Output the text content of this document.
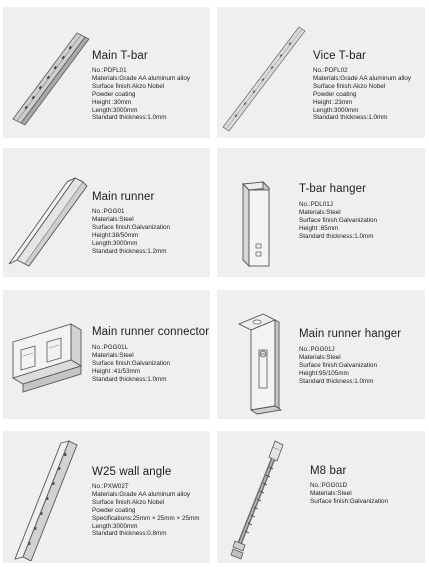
Main T-bar
No.:PDFL01
Materials:Grade AA aluminum alloy
Surface finish:Akzo Nobel
Powder coating
Height :30mm
Length:3000mm
Standard thickness:1.0mm
Vice T-bar
No.:PDFL02
Materials:Grade AA aluminum alloy
Surface finish:Akzo Nobel
Powder coating
Height :23mm
Length:3000mm
Standard thickness:1.0mm
Main runner
No.:PGG01
Materials:Steel
Surface finish:Galvanization
Height:38/50mm
Length:3000mm
Standard thickness:1.2mm
T-bar hanger
No.:PDL01J
Materials:Steel
Surface finish:Galvanization
Height :65mm
Standard thickness:1.0mm
Main runner connector
No.:PGG01L
Materials:Steel
Surface finish:Galvanization
Height :41/53mm
Standard thickness:1.0mm
Main runner hanger
No.:PGG01J
Materials:Steel
Surface finish:Galvanization
Height:95/105mm
Standard thickness:1.0mm
W25 wall angle
No.:PXW02T
Materials:Grade AA aluminum alloy
Surface finish:Akzo Nobel
Powder coating
Specifications:25mm × 25mm × 25mm
Length:3000mm
Standard thickness:0.8mm
M8 bar
No.:PGG01D
Materials:Steel
Surface finish:Galvanization
